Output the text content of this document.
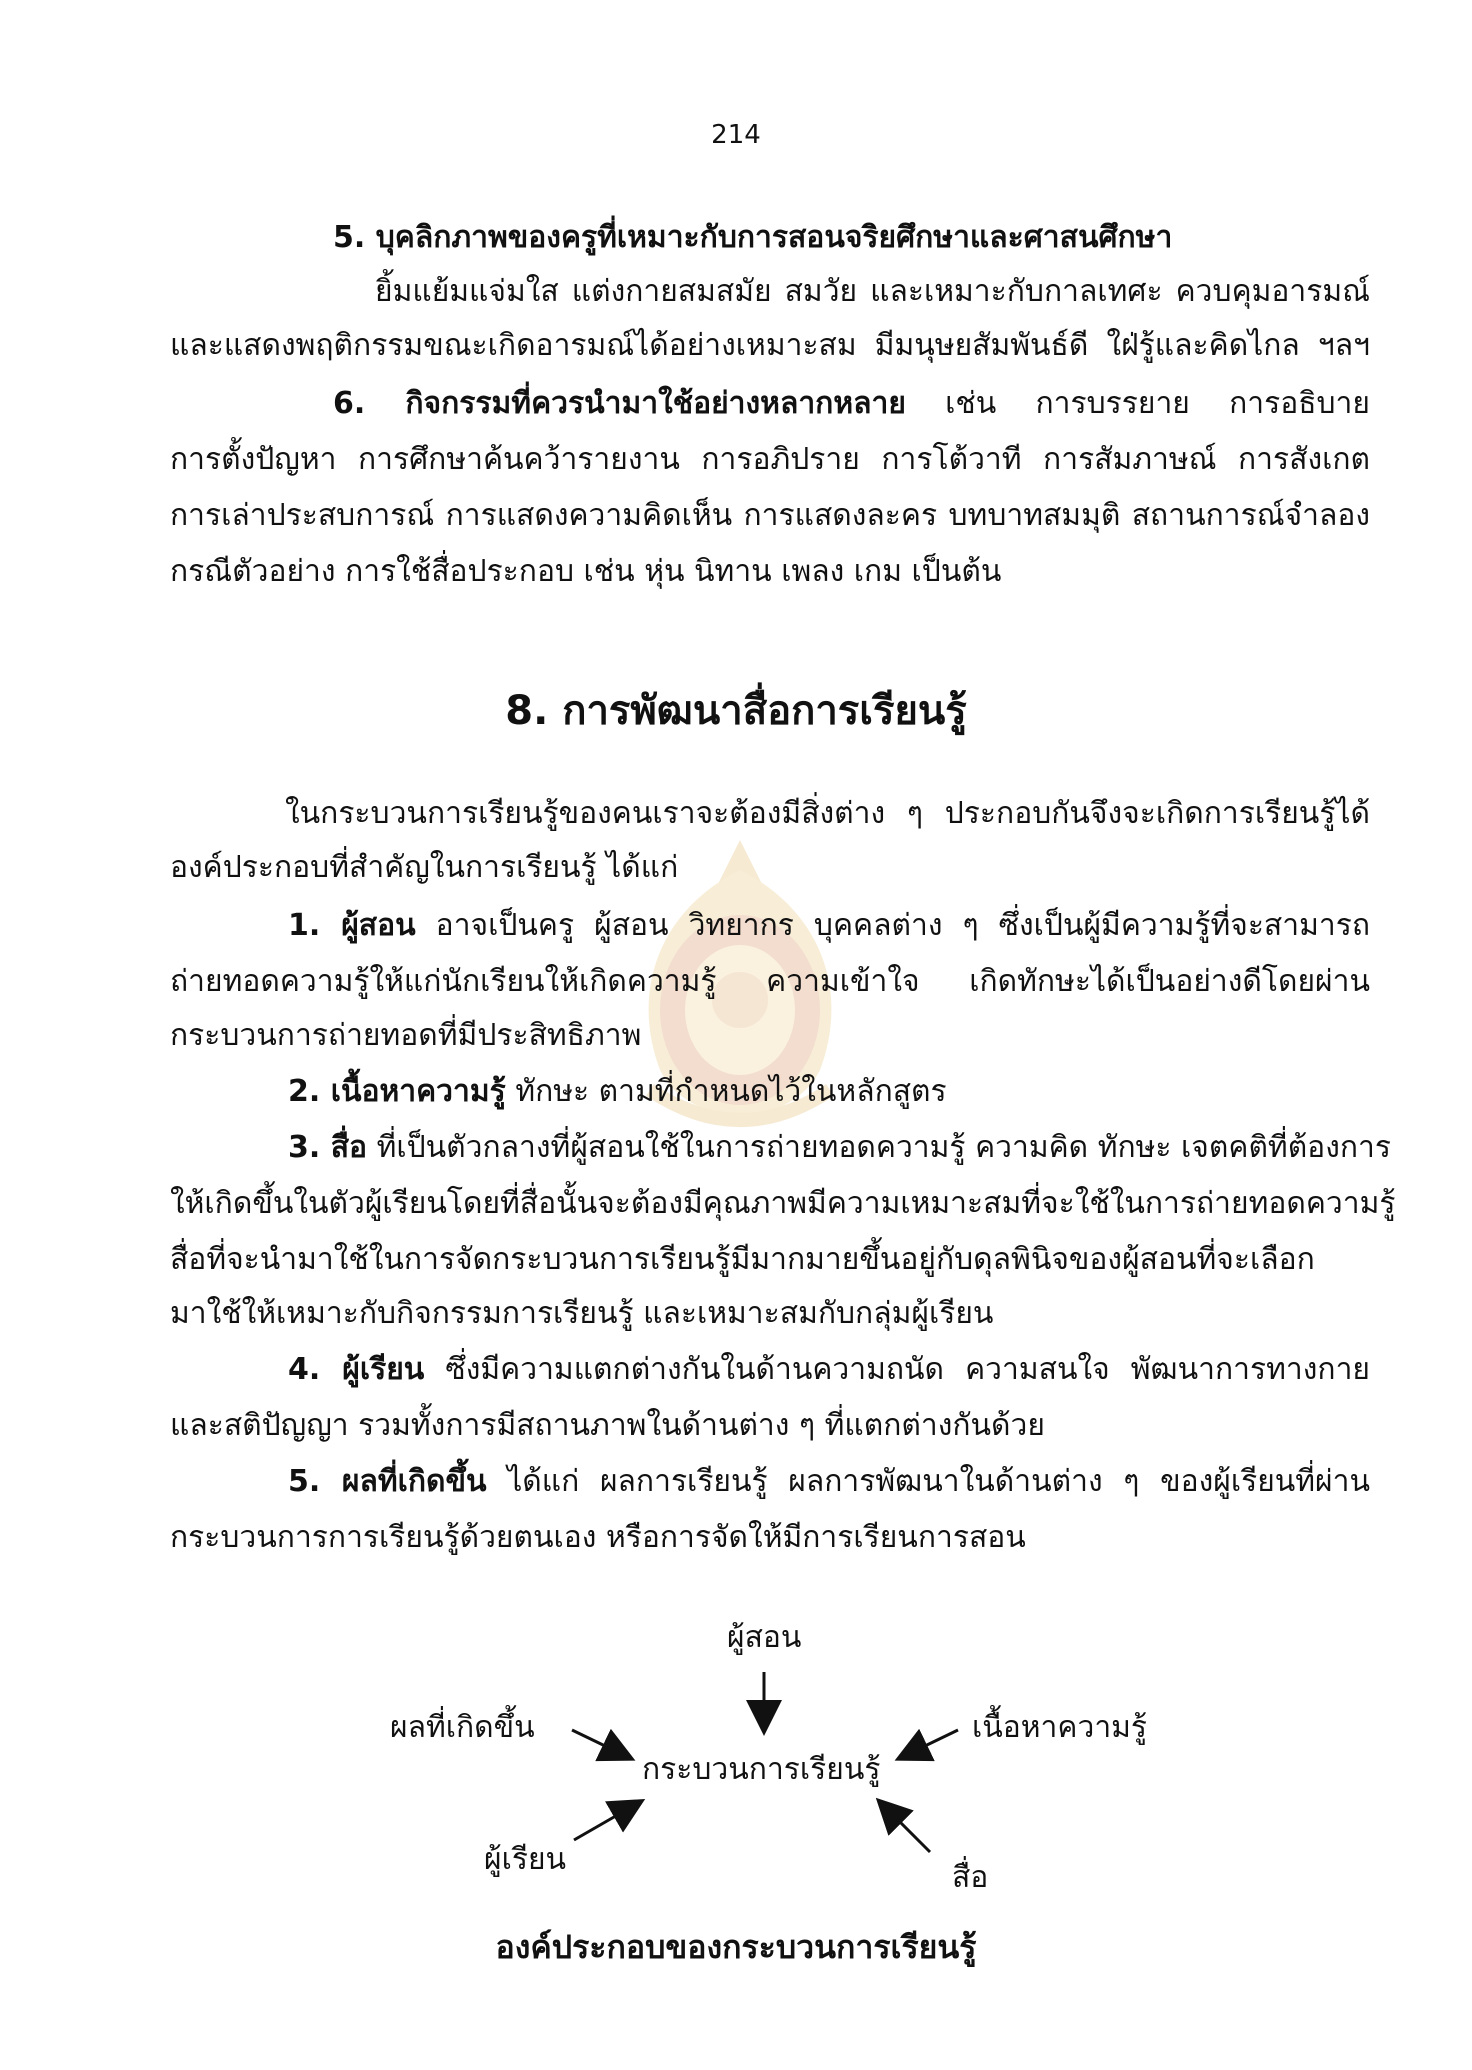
214
5. บุคลิกภาพของครูที่เหมาะกับการสอนจริยศึกษาและศาสนศึกษา
ยิ้มแย้มแจ่มใส แต่งกายสมสมัย สมวัย และเหมาะกับกาลเทศะ ควบคุมอารมณ์
และแสดงพฤติกรรมขณะเกิดอารมณ์ได้อย่างเหมาะสม มีมนุษยสัมพันธ์ดี ใฝ่รู้และคิดไกล ฯลฯ
6. กิจกรรมที่ควรนำมาใช้อย่างหลากหลาย เช่น การบรรยาย การอธิบาย
การตั้งปัญหา การศึกษาค้นคว้ารายงาน การอภิปราย การโต้วาที การสัมภาษณ์ การสังเกต
การเล่าประสบการณ์ การแสดงความคิดเห็น การแสดงละคร บทบาทสมมุติ สถานการณ์จำลอง
กรณีตัวอย่าง การใช้สื่อประกอบ เช่น หุ่น นิทาน เพลง เกม เป็นต้น
8. การพัฒนาสื่อการเรียนรู้
ในกระบวนการเรียนรู้ของคนเราจะต้องมีสิ่งต่าง ๆ ประกอบกันจึงจะเกิดการเรียนรู้ได้
องค์ประกอบที่สำคัญในการเรียนรู้ ได้แก่
1. ผู้สอน อาจเป็นครู ผู้สอน วิทยากร บุคคลต่าง ๆ ซึ่งเป็นผู้มีความรู้ที่จะสามารถ
ถ่ายทอดความรู้ให้แก่นักเรียนให้เกิดความรู้ ความเข้าใจ เกิดทักษะได้เป็นอย่างดีโดยผ่าน
กระบวนการถ่ายทอดที่มีประสิทธิภาพ
2. เนื้อหาความรู้ ทักษะ ตามที่กำหนดไว้ในหลักสูตร
3. สื่อ ที่เป็นตัวกลางที่ผู้สอนใช้ในการถ่ายทอดความรู้ ความคิด ทักษะ เจตคติที่ต้องการ
ให้เกิดขึ้นในตัวผู้เรียนโดยที่สื่อนั้นจะต้องมีคุณภาพมีความเหมาะสมที่จะใช้ในการถ่ายทอดความรู้
สื่อที่จะนำมาใช้ในการจัดกระบวนการเรียนรู้มีมากมายขึ้นอยู่กับดุลพินิจของผู้สอนที่จะเลือก
มาใช้ให้เหมาะกับกิจกรรมการเรียนรู้ และเหมาะสมกับกลุ่มผู้เรียน
4. ผู้เรียน ซึ่งมีความแตกต่างกันในด้านความถนัด ความสนใจ พัฒนาการทางกาย
และสติปัญญา รวมทั้งการมีสถานภาพในด้านต่าง ๆ ที่แตกต่างกันด้วย
5. ผลที่เกิดขึ้น ได้แก่ ผลการเรียนรู้ ผลการพัฒนาในด้านต่าง ๆ ของผู้เรียนที่ผ่าน
กระบวนการการเรียนรู้ด้วยตนเอง หรือการจัดให้มีการเรียนการสอน
ผู้สอน
ผลที่เกิดขึ้น
กระบวนการเรียนรู้
เนื้อหาความรู้
ผู้เรียน
สื่อ
องค์ประกอบของกระบวนการเรียนรู้
